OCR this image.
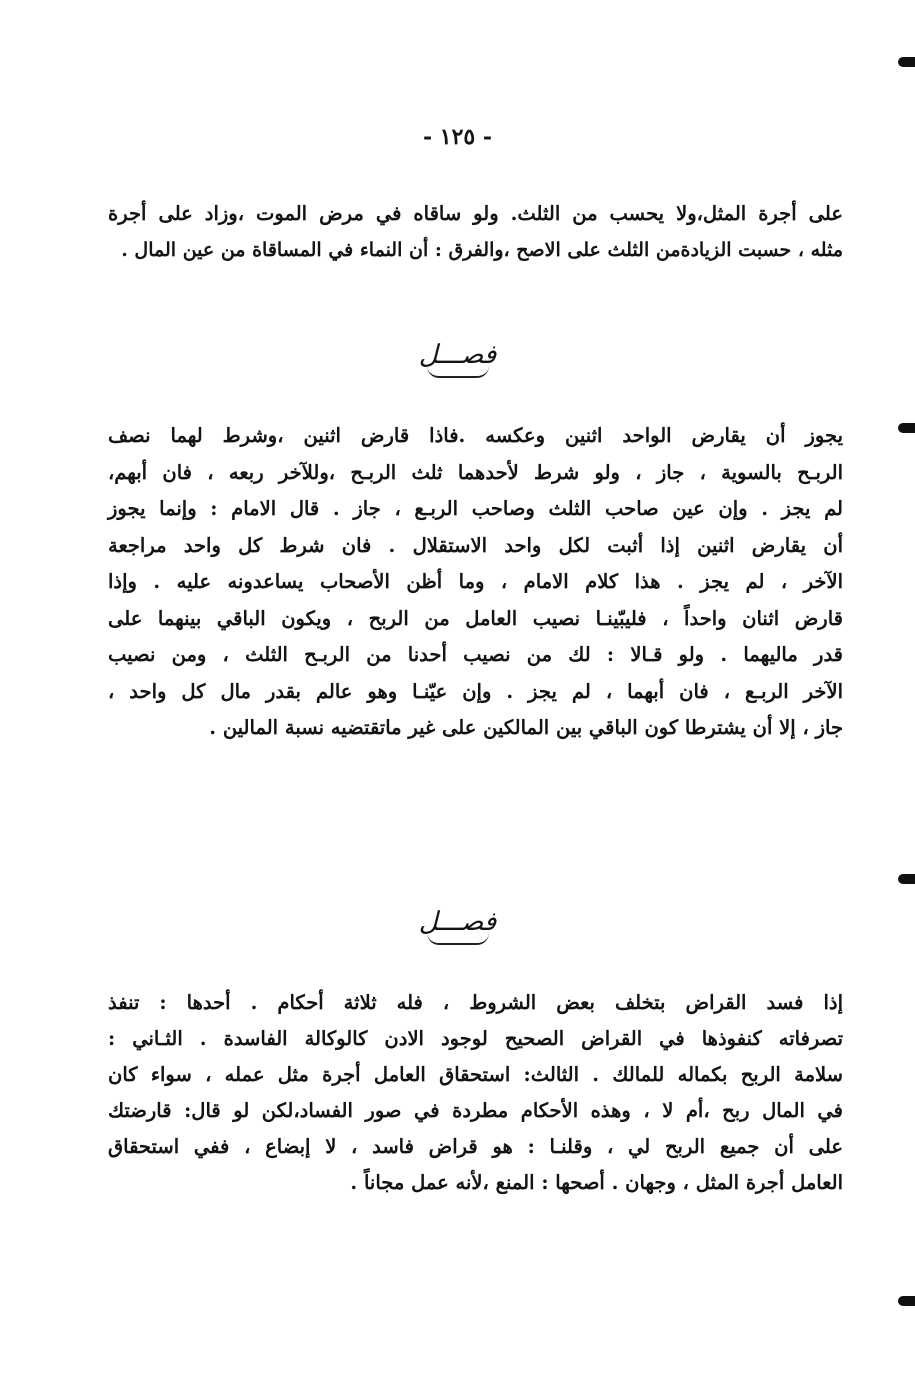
- ١٢٥ -
على أجرة المثل،ولا يحسب من الثلث. ولو ساقاه في مرض الموت ،وزاد على أجرة
مثله ، حسبت الزيادةمن الثلث على الاصح ،والفرق : أن النماء في المساقاة من عين المال .
فصـــل
يجوز أن يقارض الواحد اثنين وعكسه .فاذا قارض اثنين ،وشرط لهما نصف
الربـح بالسوية ، جاز ، ولو شرط لأحدهما ثلث الربـح ،وللآخر ربعه ، فان أبهم،
لم يجز . وإن عين صاحب الثلث وصاحب الربـع ، جاز . قال الامام : وإنما يجوز
أن يقارض اثنين إذا أثبت لكل واحد الاستقلال . فان شرط كل واحد مراجعة
الآخر ، لم يجز . هذا كلام الامام ، وما أظن الأصحاب يساعدونه عليه . وإذا
قارض اثنان واحداً ، فليبّينـا نصيب العامل من الربح ، ويكون الباقي بينهما على
قدر ماليهما . ولو قـالا : لك من نصيب أحدنا من الربـح الثلث ، ومن نصيب
الآخر الربـع ، فان أبهما ، لم يجز . وإن عيّنـا وهو عالم بقدر مال كل واحد ،
جاز ، إلا أن يشترطا كون الباقي بين المالكين على غير ماتقتضيه نسبة المالين .
فصـــل
إذا فسد القراض بتخلف بعض الشروط ، فله ثلاثة أحكام . أحدها : تنفذ
تصرفاته كنفوذها في القراض الصحيح لوجود الادن كالوكالة الفاسدة . الثـاني :
سلامة الربح بكماله للمالك . الثالث: استحقاق العامل أجرة مثل عمله ، سواء كان
في المال ربح ،أم لا ، وهذه الأحكام مطردة في صور الفساد،لكن لو قال: قارضتك
على أن جميع الربح لي ، وقلنـا : هو قراض فاسد ، لا إبضاع ، ففي استحقاق
العامل أجرة المثل ، وجهان . أصحها : المنع ،لأنه عمل مجاناً .
